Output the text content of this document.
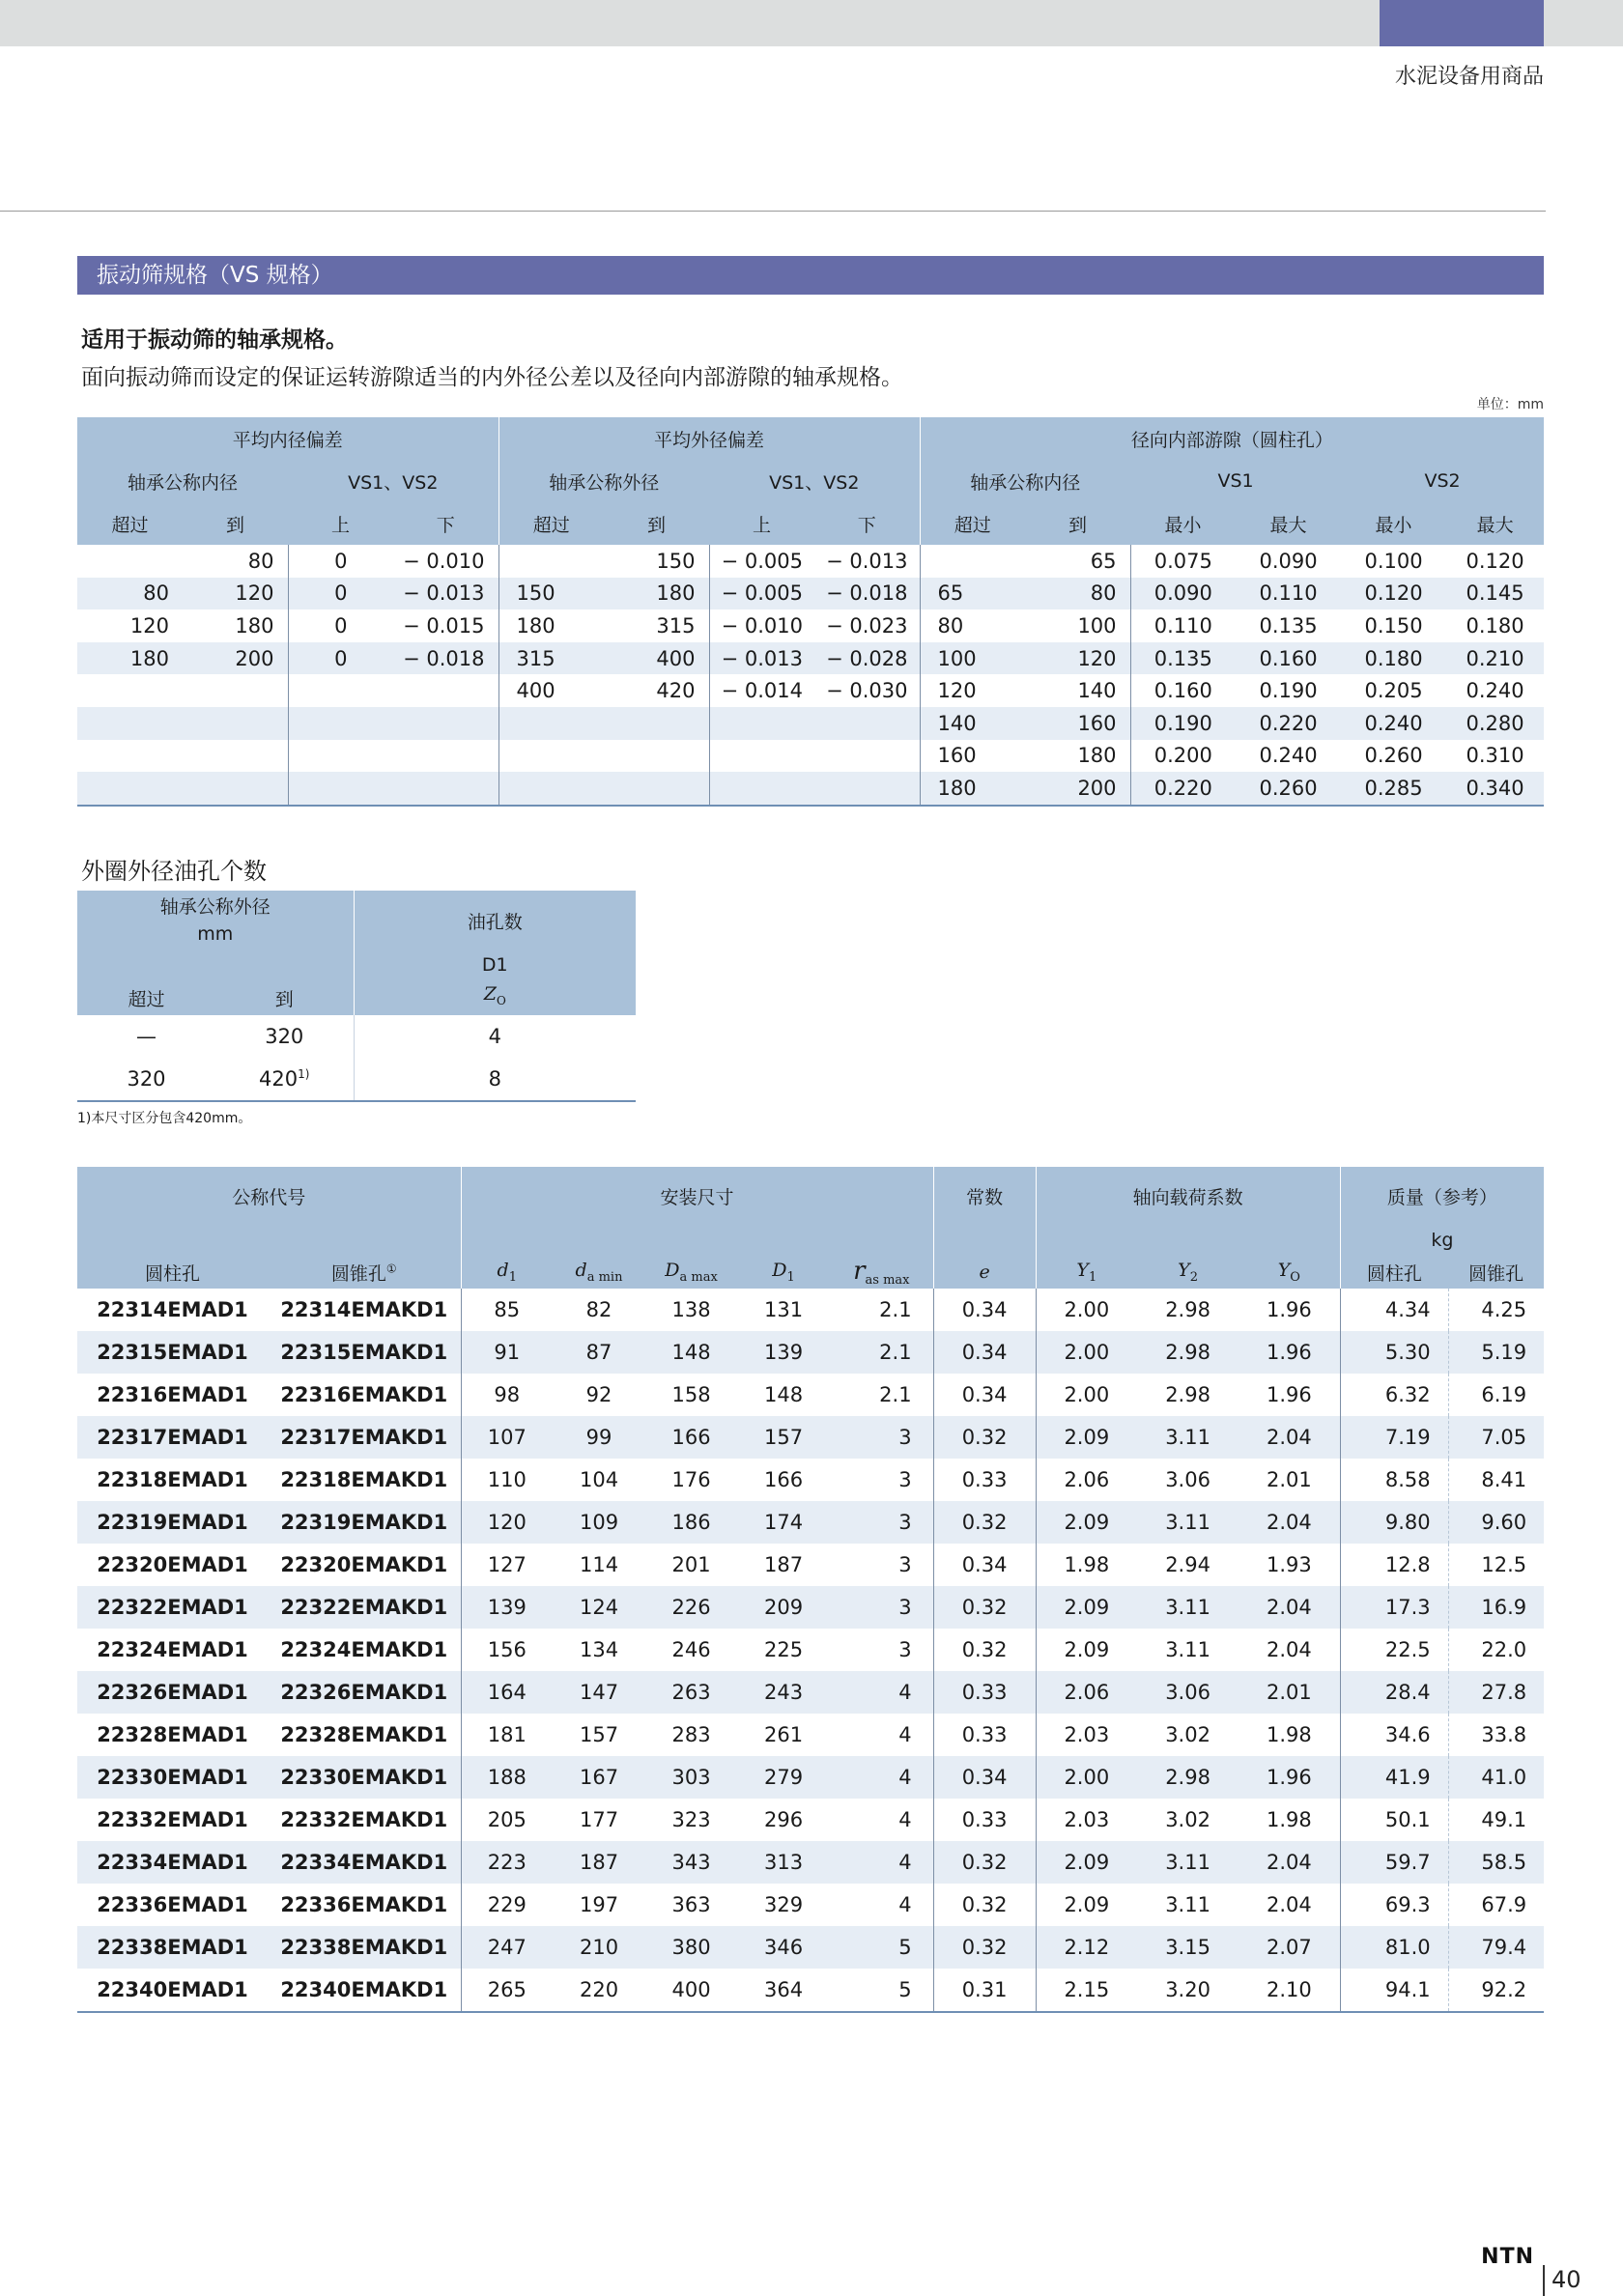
水泥设备用商品
振动筛规格（VS 规格）
适用于振动筛的轴承规格。
面向振动筛而设定的保证运转游隙适当的内外径公差以及径向内部游隙的轴承规格。
单位：mm
平均内径偏差				平均外径偏差				径向内部游隙（圆柱孔）					
轴承公称内径		VS1、VS2		轴承公称外径		VS1、VS2		轴承公称内径		VS1		VS2	
超过	到	上	下	超过	到	上	下	超过	到	最小	最大	最小	最大
	80	0	− 0.010		150	− 0.005	− 0.013		65	0.075	0.090	0.100	0.120
80	120	0	− 0.013	150	180	− 0.005	− 0.018	65	80	0.090	0.110	0.120	0.145
120	180	0	− 0.015	180	315	− 0.010	− 0.023	80	100	0.110	0.135	0.150	0.180
180	200	0	− 0.018	315	400	− 0.013	− 0.028	100	120	0.135	0.160	0.180	0.210
				400	420	− 0.014	− 0.030	120	140	0.160	0.190	0.205	0.240
								140	160	0.190	0.220	0.240	0.280
								160	180	0.200	0.240	0.260	0.310
								180	200	0.220	0.260	0.285	0.340
外圈外径油孔个数
轴承公称外径
mm		油孔数
超过	到	D1
$Z_O$
—	320	4
320	420$^{1)}$	8
1)本尺寸区分包含420mm。
公称代号		安装尺寸					常数	轴向载荷系数			质量（参考）	
											kg	
圆柱孔	圆锥孔①	$d_1$	$d_{a min}$	$D_{a max}$	$D_1$	$r_{as max}$	e	$Y_1$	$Y_2$	$Y_O$	圆柱孔	圆锥孔
22314EMAD1	22314EMAKD1	85	82	138	131	2.1	0.34	2.00	2.98	1.96	4.34	4.25
22315EMAD1	22315EMAKD1	91	87	148	139	2.1	0.34	2.00	2.98	1.96	5.30	5.19
22316EMAD1	22316EMAKD1	98	92	158	148	2.1	0.34	2.00	2.98	1.96	6.32	6.19
22317EMAD1	22317EMAKD1	107	99	166	157	3	0.32	2.09	3.11	2.04	7.19	7.05
22318EMAD1	22318EMAKD1	110	104	176	166	3	0.33	2.06	3.06	2.01	8.58	8.41
22319EMAD1	22319EMAKD1	120	109	186	174	3	0.32	2.09	3.11	2.04	9.80	9.60
22320EMAD1	22320EMAKD1	127	114	201	187	3	0.34	1.98	2.94	1.93	12.8	12.5
22322EMAD1	22322EMAKD1	139	124	226	209	3	0.32	2.09	3.11	2.04	17.3	16.9
22324EMAD1	22324EMAKD1	156	134	246	225	3	0.32	2.09	3.11	2.04	22.5	22.0
22326EMAD1	22326EMAKD1	164	147	263	243	4	0.33	2.06	3.06	2.01	28.4	27.8
22328EMAD1	22328EMAKD1	181	157	283	261	4	0.33	2.03	3.02	1.98	34.6	33.8
22330EMAD1	22330EMAKD1	188	167	303	279	4	0.34	2.00	2.98	1.96	41.9	41.0
22332EMAD1	22332EMAKD1	205	177	323	296	4	0.33	2.03	3.02	1.98	50.1	49.1
22334EMAD1	22334EMAKD1	223	187	343	313	4	0.32	2.09	3.11	2.04	59.7	58.5
22336EMAD1	22336EMAKD1	229	197	363	329	4	0.32	2.09	3.11	2.04	69.3	67.9
22338EMAD1	22338EMAKD1	247	210	380	346	5	0.32	2.12	3.15	2.07	81.0	79.4
22340EMAD1	22340EMAKD1	265	220	400	364	5	0.31	2.15	3.20	2.10	94.1	92.2
NTN
40
